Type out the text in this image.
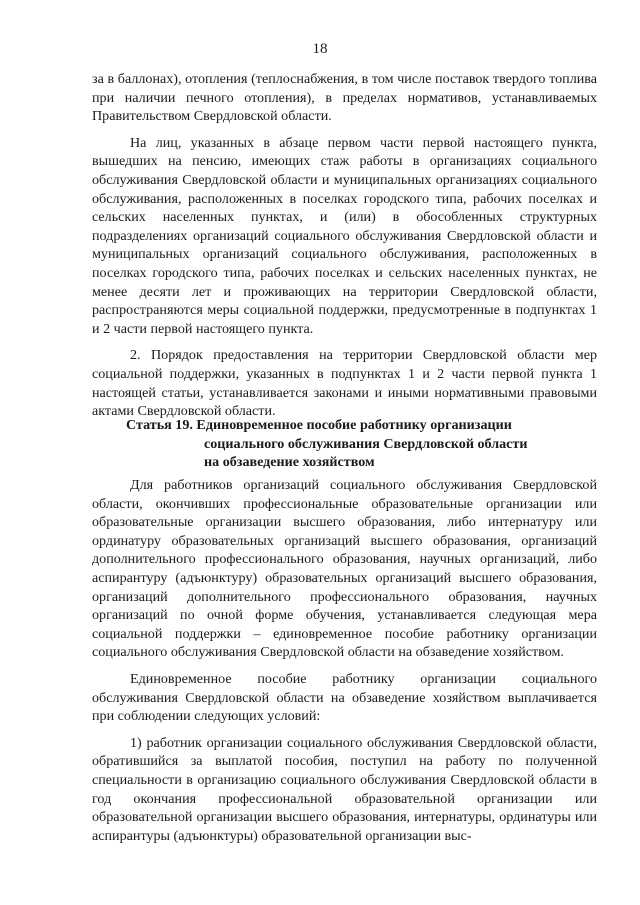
18

за в баллонах), отопления (теплоснабжения, в том числе поставок твердого топлива при наличии печного отопления), в пределах нормативов, устанавливаемых Правительством Свердловской области.

На лиц, указанных в абзаце первом части первой настоящего пункта, вышедших на пенсию, имеющих стаж работы в организациях социального обслуживания Свердловской области и муниципальных организациях социального обслуживания, расположенных в поселках городского типа, рабочих поселках и сельских населенных пунктах, и (или) в обособленных структурных подразделениях организаций социального обслуживания Свердловской области и муниципальных организаций социального обслуживания, расположенных в поселках городского типа, рабочих поселках и сельских населенных пунктах, не менее десяти лет и проживающих на территории Свердловской области, распространяются меры социальной поддержки, предусмотренные в подпунктах 1 и 2 части первой настоящего пункта.

2. Порядок предоставления на территории Свердловской области мер социальной поддержки, указанных в подпунктах 1 и 2 части первой пункта 1 настоящей статьи, устанавливается законами и иными нормативными правовыми актами Свердловской области.

Статья 19. Единовременное пособие работнику организации
социального обслуживания Свердловской области
на обзаведение хозяйством

Для работников организаций социального обслуживания Свердловской области, окончивших профессиональные образовательные организации или образовательные организации высшего образования, либо интернатуру или ординатуру образовательных организаций высшего образования, организаций дополнительного профессионального образования, научных организаций, либо аспирантуру (адъюнктуру) образовательных организаций высшего образования, организаций дополнительного профессионального образования, научных организаций по очной форме обучения, устанавливается следующая мера социальной поддержки – единовременное пособие работнику организации социального обслуживания Свердловской области на обзаведение хозяйством.

Единовременное пособие работнику организации социального обслуживания Свердловской области на обзаведение хозяйством выплачивается при соблюдении следующих условий:

1) работник организации социального обслуживания Свердловской области, обратившийся за выплатой пособия, поступил на работу по полученной специальности в организацию социального обслуживания Свердловской области в год окончания профессиональной образовательной организации или образовательной организации высшего образования, интернатуры, ординатуры или аспирантуры (адъюнктуры) образовательной организации выс-
